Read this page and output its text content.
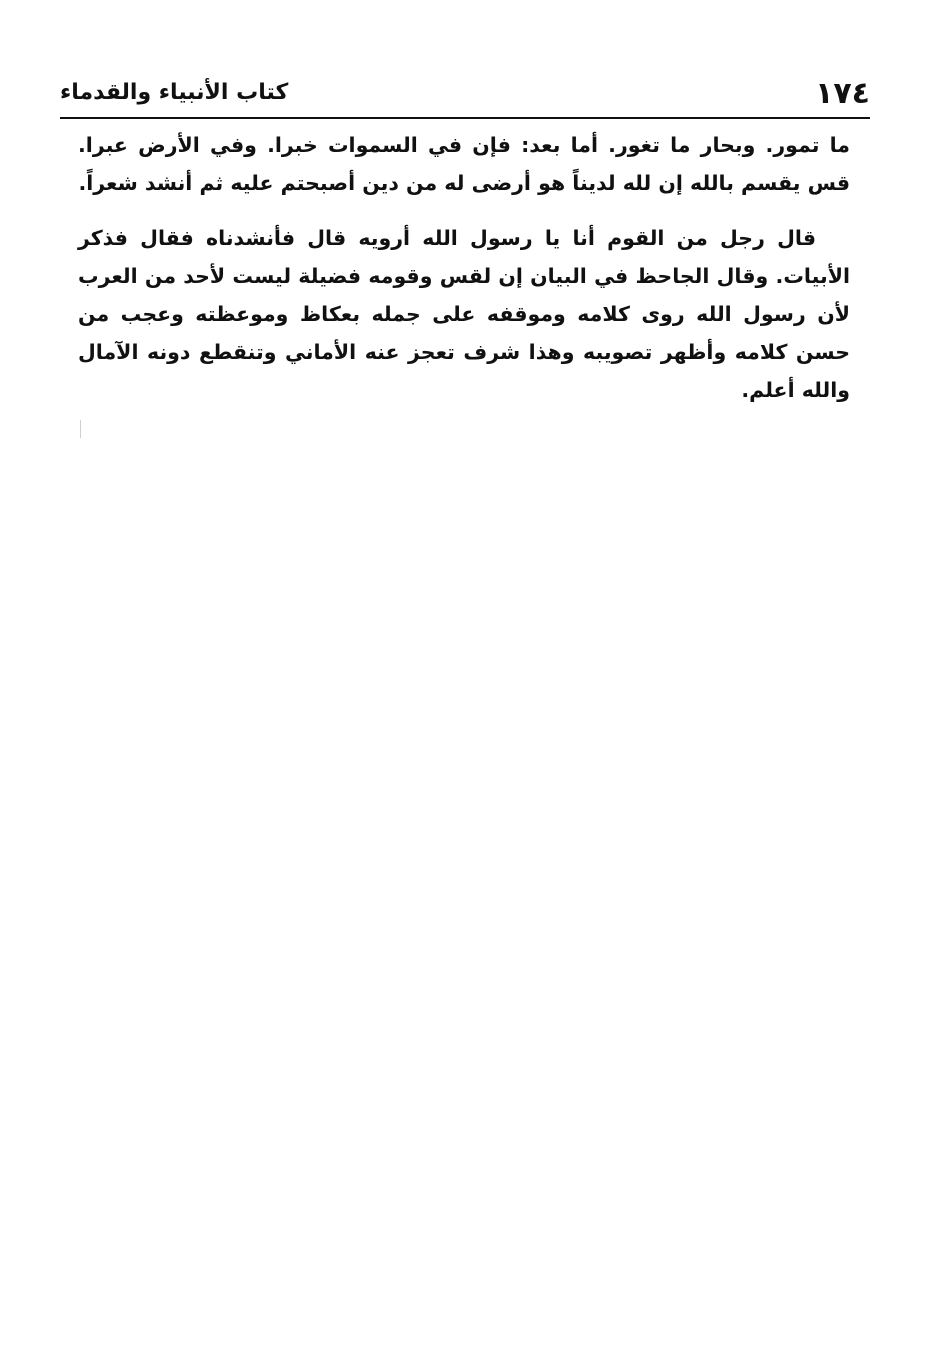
١٧٤
كتاب الأنبياء والقدماء

ما تمور. وبحار ما تغور. أما بعد: فإن في السموات خبرا. وفي الأرض عبرا. قس يقسم بالله إن لله لديناً هو أرضى له من دين أصبحتم عليه ثم أنشد شعراً.

قال رجل من القوم أنا يا رسول الله أرويه قال فأنشدناه فقال فذكر الأبيات. وقال الجاحظ في البيان إن لقس وقومه فضيلة ليست لأحد من العرب لأن رسول الله روى كلامه وموقفه على جمله بعكاظ وموعظته وعجب من حسن كلامه وأظهر تصويبه وهذا شرف تعجز عنه الأماني وتنقطع دونه الآمال والله أعلم.
